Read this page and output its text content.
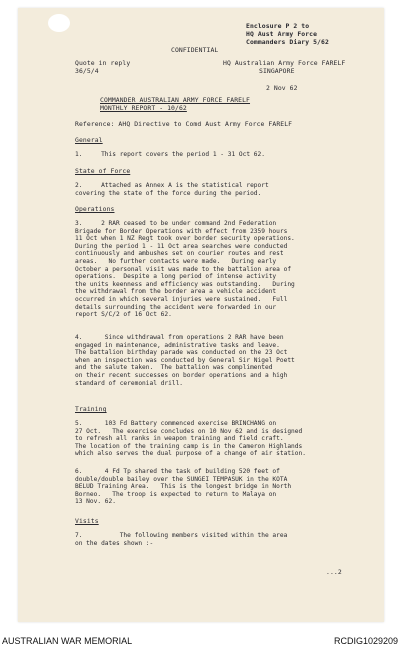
Enclosure P 2 to
HQ Aust Army Force
Commanders Diary 5/62
CONFIDENTIAL
Quote in reply
36/5/4
HQ Australian Army Force FARELF
SINGAPORE
2 Nov 62
COMMANDER AUSTRALIAN ARMY FORCE FARELF
MONTHLY REPORT - 10/62
Reference: AHQ Directive to Comd Aust Army Force FARELF
General
1.     This report covers the period 1 - 31 Oct 62.
State of Force
2.     Attached as Annex A is the statistical report
covering the state of the force during the period.
Operations
3.     2 RAR ceased to be under command 2nd Federation
Brigade for Border Operations with effect from 2359 hours
11 Oct when 1 NZ Regt took over border security operations.
During the period 1 - 11 Oct area searches were conducted
continuously and ambushes set on courier routes and rest
areas.   No further contacts were made.   During early
October a personal visit was made to the battalion area of
operations.  Despite a long period of intense activity
the units keenness and efficiency was outstanding.   During
the withdrawal from the border area a vehicle accident
occurred in which several injuries were sustained.   Full
details surrounding the accident were forwarded in our
report S/C/2 of 16 Oct 62.
4.      Since withdrawal from operations 2 RAR have been
engaged in maintenance, administrative tasks and leave.
The battalion birthday parade was conducted on the 23 Oct
when an inspection was conducted by General Sir Nigel Poett
and the salute taken.  The battalion was complimented
on their recent successes on border operations and a high
standard of ceremonial drill.
Training
5.      103 Fd Battery commenced exercise BRINCHANG on
27 Oct.   The exercise concludes on 10 Nov 62 and is designed
to refresh all ranks in weapon training and field craft.
The location of the training camp is in the Cameron Highlands
which also serves the dual purpose of a change of air station.
6.      4 Fd Tp shared the task of building 520 feet of
double/double bailey over the SUNGEI TEMPASUK in the KOTA
BELUD Training Area.   This is the longest bridge in North
Borneo.   The troop is expected to return to Malaya on
13 Nov. 62.
Visits
7.          The following members visited within the area
on the dates shown :-
...2
AUSTRALIAN WAR MEMORIAL	RCDIG1029209
